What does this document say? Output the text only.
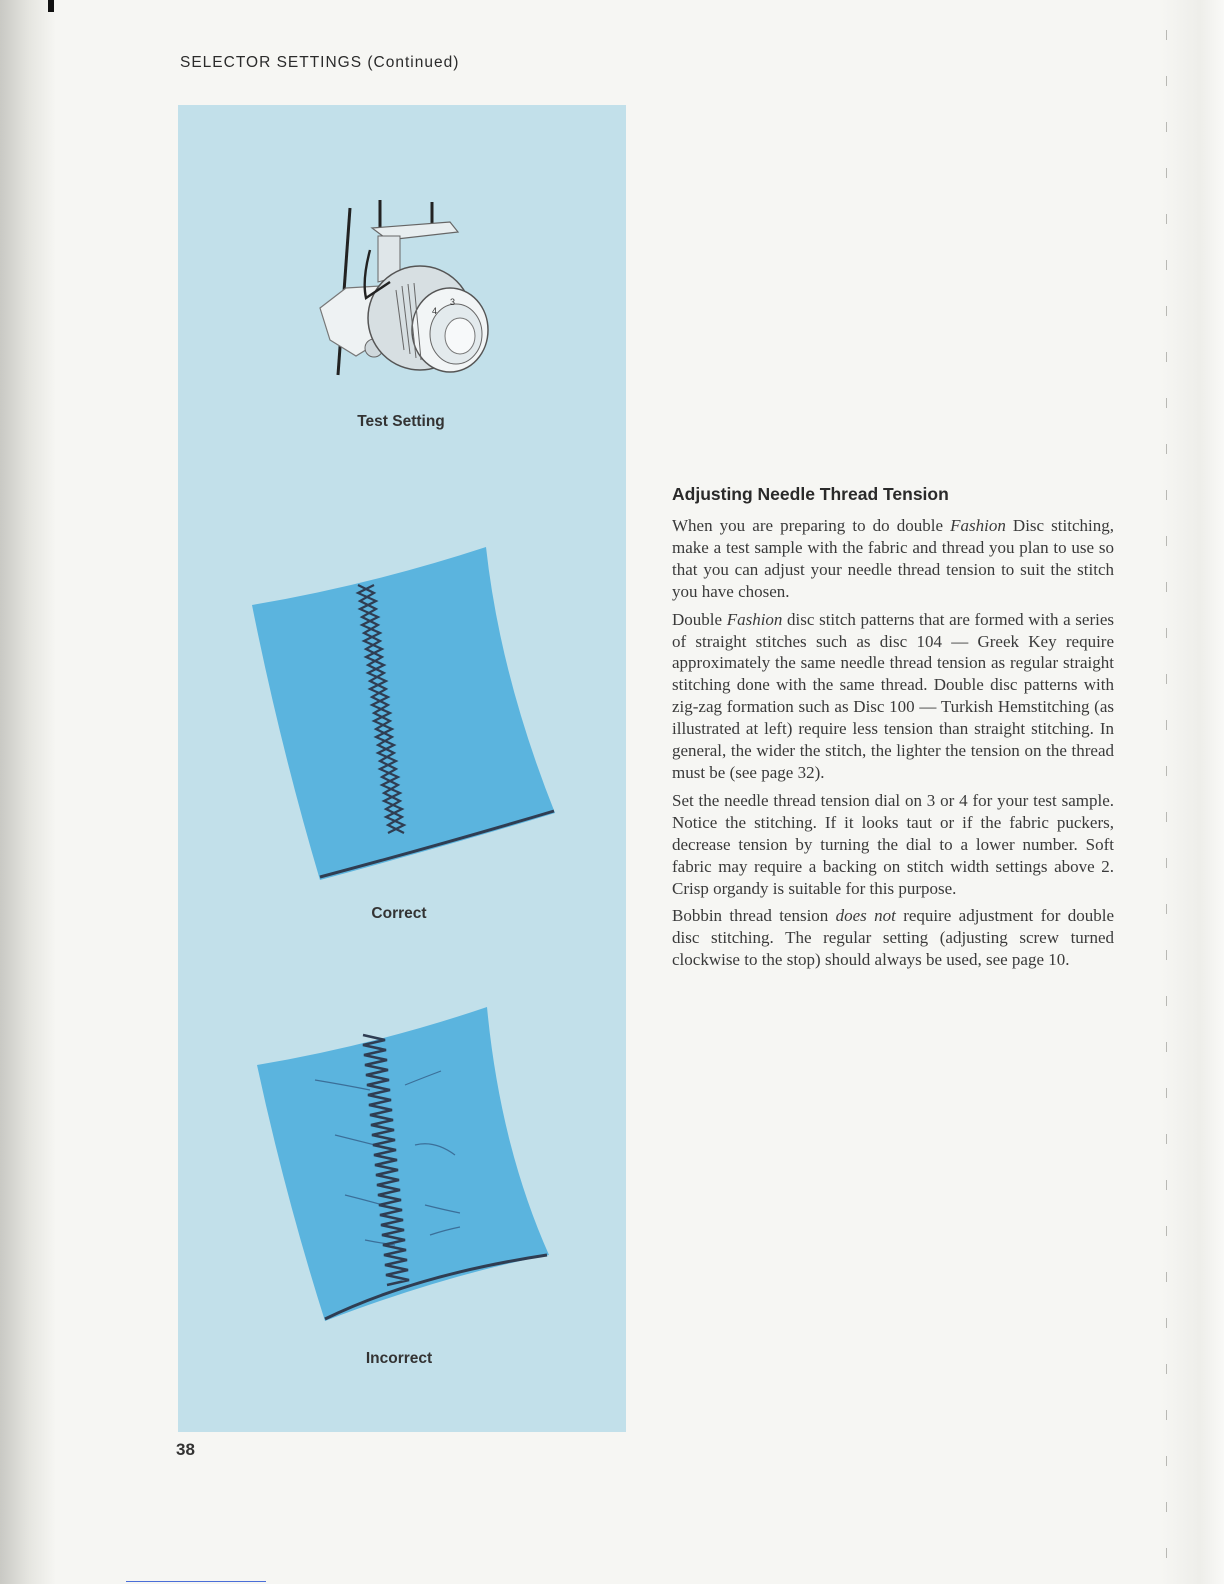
SELECTOR SETTINGS (Continued)
3
4
Test Setting
Correct
Incorrect
Adjusting Needle Thread Tension

When you are preparing to do double Fashion Disc stitching, make a test sample with the fabric and thread you plan to use so that you can adjust your needle thread tension to suit the stitch you have chosen.

Double Fashion disc stitch patterns that are formed with a series of straight stitches such as disc 104 — Greek Key require approximately the same needle thread tension as regular straight stitching done with the same thread. Double disc patterns with zig-zag formation such as Disc 100 — Turkish Hemstitching (as illustrated at left) require less tension than straight stitching. In general, the wider the stitch, the lighter the tension on the thread must be (see page 32).

Set the needle thread tension dial on 3 or 4 for your test sample. Notice the stitching. If it looks taut or if the fabric puckers, decrease tension by turning the dial to a lower number. Soft fabric may require a backing on stitch width settings above 2. Crisp organdy is suitable for this purpose.

Bobbin thread tension does not require adjustment for double disc stitching. The regular setting (adjusting screw turned clockwise to the stop) should always be used, see page 10.

38
